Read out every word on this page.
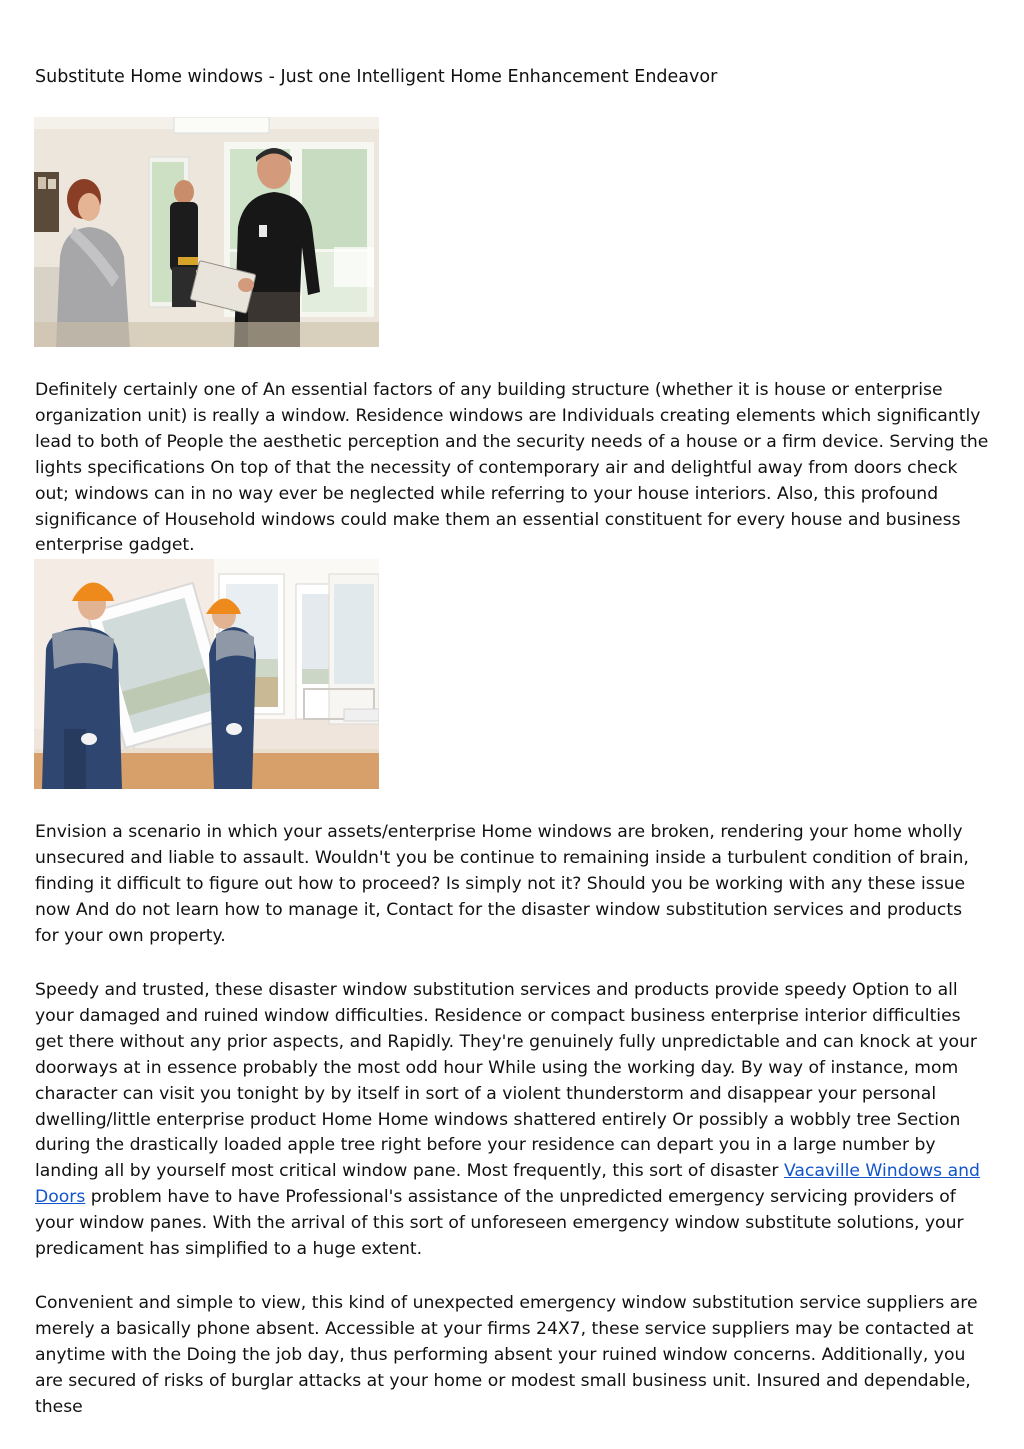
Substitute Home windows - Just one Intelligent Home Enhancement Endeavor

Definitely certainly one of An essential factors of any building structure (whether it is house or enterprise organization unit) is really a window. Residence windows are Individuals creating elements which significantly lead to both of People the aesthetic perception and the security needs of a house or a firm device. Serving the lights specifications On top of that the necessity of contemporary air and delightful away from doors check out; windows can in no way ever be neglected while referring to your house interiors. Also, this profound significance of Household windows could make them an essential constituent for every house and business enterprise gadget.

Envision a scenario in which your assets/enterprise Home windows are broken, rendering your home wholly unsecured and liable to assault. Wouldn't you be continue to remaining inside a turbulent condition of brain, finding it difficult to figure out how to proceed? Is simply not it? Should you be working with any these issue now And do not learn how to manage it, Contact for the disaster window substitution services and products for your own property.

Speedy and trusted, these disaster window substitution services and products provide speedy Option to all your damaged and ruined window difficulties. Residence or compact business enterprise interior difficulties get there without any prior aspects, and Rapidly. They're genuinely fully unpredictable and can knock at your doorways at in essence probably the most odd hour While using the working day. By way of instance, mom character can visit you tonight by by itself in sort of a violent thunderstorm and disappear your personal dwelling/little enterprise product Home Home windows shattered entirely Or possibly a wobbly tree Section during the drastically loaded apple tree right before your residence can depart you in a large number by landing all by yourself most critical window pane. Most frequently, this sort of disaster Vacaville Windows and Doors problem have to have Professional's assistance of the unpredicted emergency servicing providers of your window panes. With the arrival of this sort of unforeseen emergency window substitute solutions, your predicament has simplified to a huge extent.

Convenient and simple to view, this kind of unexpected emergency window substitution service suppliers are merely a basically phone absent. Accessible at your firms 24X7, these service suppliers may be contacted at anytime with the Doing the job day, thus performing absent your ruined window concerns. Additionally, you are secured of risks of burglar attacks at your home or modest small business unit. Insured and dependable, these
